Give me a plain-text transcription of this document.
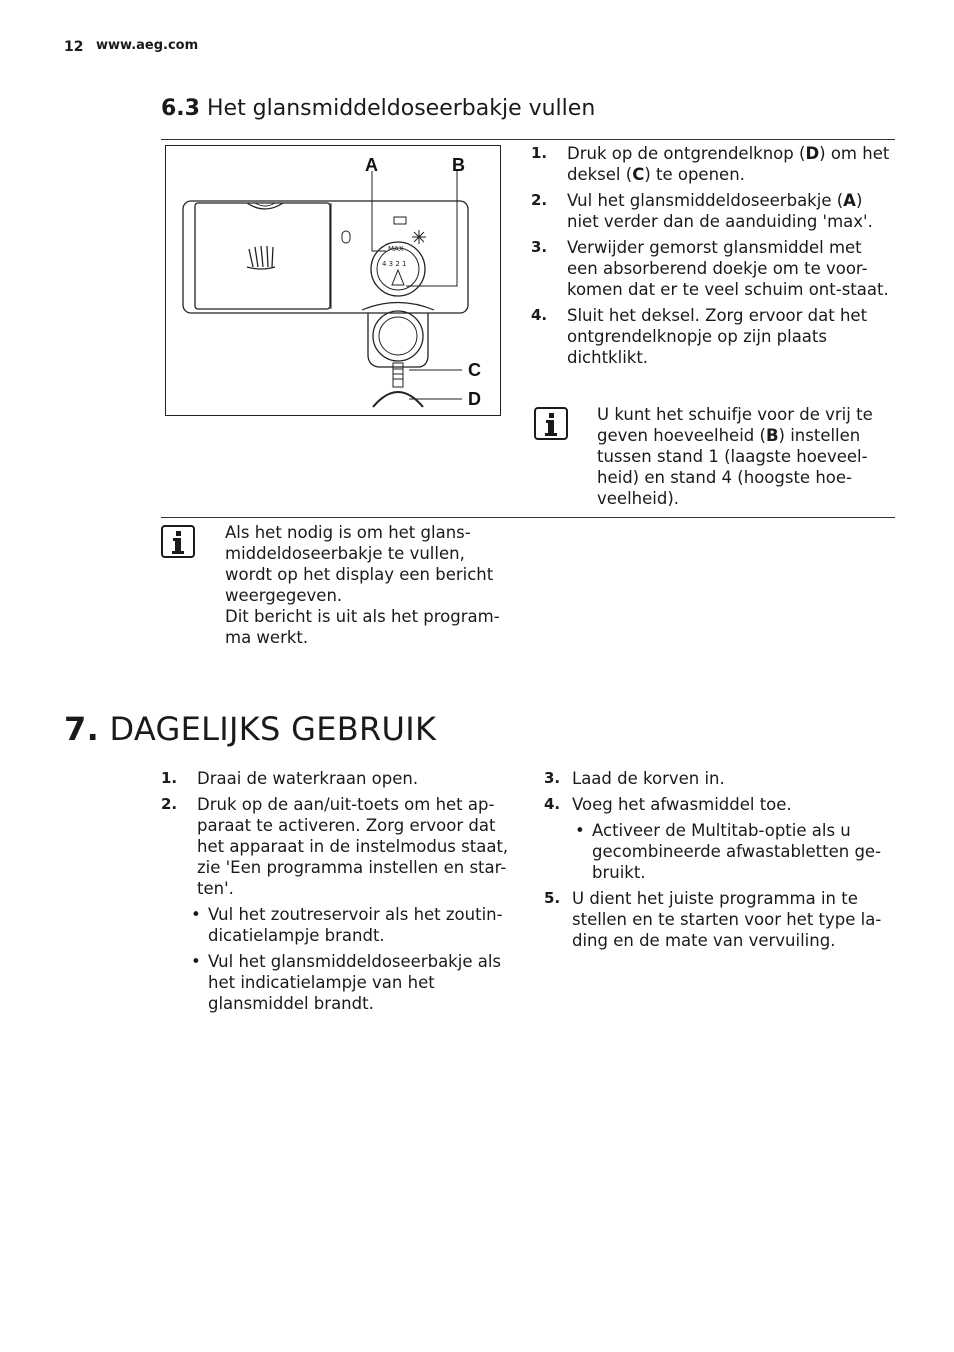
12 www.aeg.com
6.3 Het glansmiddeldoseerbakje vullen
MAX
4 3 2 1
A	B
C
D
1. Druk op de ontgrendelknop (D) om het deksel (C) te openen.
2. Vul het glansmiddeldoseerbakje (A) niet verder dan de aanduiding 'max'.
3. Verwijder gemorst glansmiddel met een absorberend doekje om te voor-komen dat er te veel schuim ont-staat.
4. Sluit het deksel. Zorg ervoor dat het ontgrendelknopje op zijn plaats dichtklikt.
U kunt het schuifje voor de vrij te geven hoeveelheid (B) instellen tussen stand 1 (laagste hoeveel-heid) en stand 4 (hoogste hoe-veelheid).
Als het nodig is om het glans-middeldoseerbakje te vullen, wordt op het display een bericht weergegeven.
Dit bericht is uit als het program-ma werkt.
7. DAGELIJKS GEBRUIK
1. Draai de waterkraan open.
2. Druk op de aan/uit-toets om het ap-paraat te activeren. Zorg ervoor dat het apparaat in de instelmodus staat, zie 'Een programma instellen en star-ten'.
• Vul het zoutreservoir als het zoutin-dicatielampje brandt.
• Vul het glansmiddeldoseerbakje als het indicatielampje van het glansmiddel brandt.
3. Laad de korven in.
4. Voeg het afwasmiddel toe.
• Activeer de Multitab-optie als u gecombineerde afwastabletten ge-bruikt.
5. U dient het juiste programma in te stellen en te starten voor het type la-ding en de mate van vervuiling.
